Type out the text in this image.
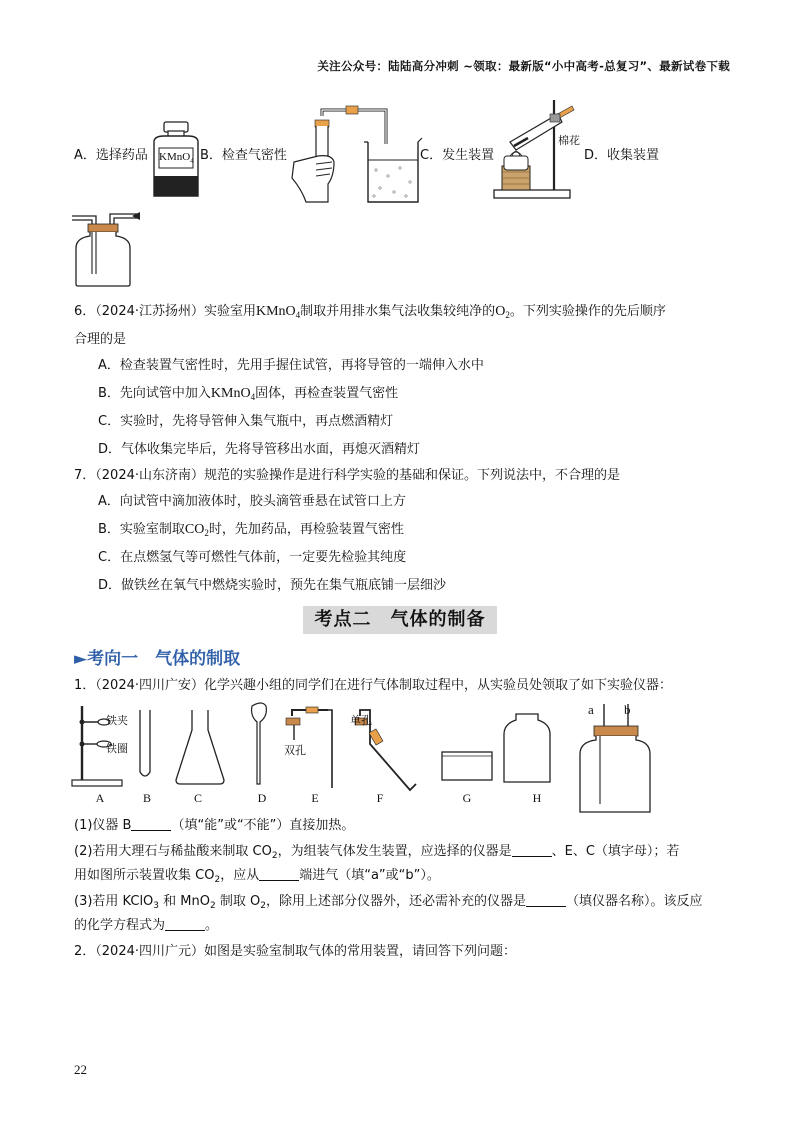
关注公众号：陆陆高分冲刺 ~领取：最新版“小中高考-总复习”、最新试卷下载
A．选择药品 KMnO$_4$ B．检查气密性	C．发生装置
棉花
D．收集装置
6．（2024·江苏扬州）实验室用KMnO$_4$制取并用排水集气法收集较纯净的$O_2$。下列实验操作的先后顺序
合理的是
A．检查装置气密性时，先用手握住试管，再将导管的一端伸入水中
B．先向试管中加入KMnO$_4$固体，再检查装置气密性
C．实验时，先将导管伸入集气瓶中，再点燃酒精灯
D．气体收集完毕后，先将导管移出水面，再熄灭酒精灯
7．（2024·山东济南）规范的实验操作是进行科学实验的基础和保证。下列说法中，不合理的是
A．向试管中滴加液体时，胶头滴管垂悬在试管口上方
B．实验室制取$CO_2$时，先加药品，再检验装置气密性
C．在点燃氢气等可燃性气体前，一定要先检验其纯度
D．做铁丝在氧气中燃烧实验时，预先在集气瓶底铺一层细沙
考点二　气体的制备
►考向一　气体的制取
1．（2024·四川广安）化学兴趣小组的同学们在进行气体制取过程中，从实验员处领取了如下实验仪器：
铁夹
铁圈	双孔
单孔
a b
A	B	C	D	E	F	G	H
(1)仪器 B	（填“能”或“不能”）直接加热。
(2)若用大理石与稀盐酸来制取 $CO_2$，为组装气体发生装置，应选择的仪器是	、E、C（填字母）；若
用如图所示装置收集 $CO_2$，应从	端进气（填“a”或“b”）。
(3)若用 KClO$_3$ 和 MnO$_2$ 制取 $O_2$，除用上述部分仪器外，还必需补充的仪器是	（填仪器名称）。该反应
的化学方程式为	。
2．（2024·四川广元）如图是实验室制取气体的常用装置，请回答下列问题：
22
